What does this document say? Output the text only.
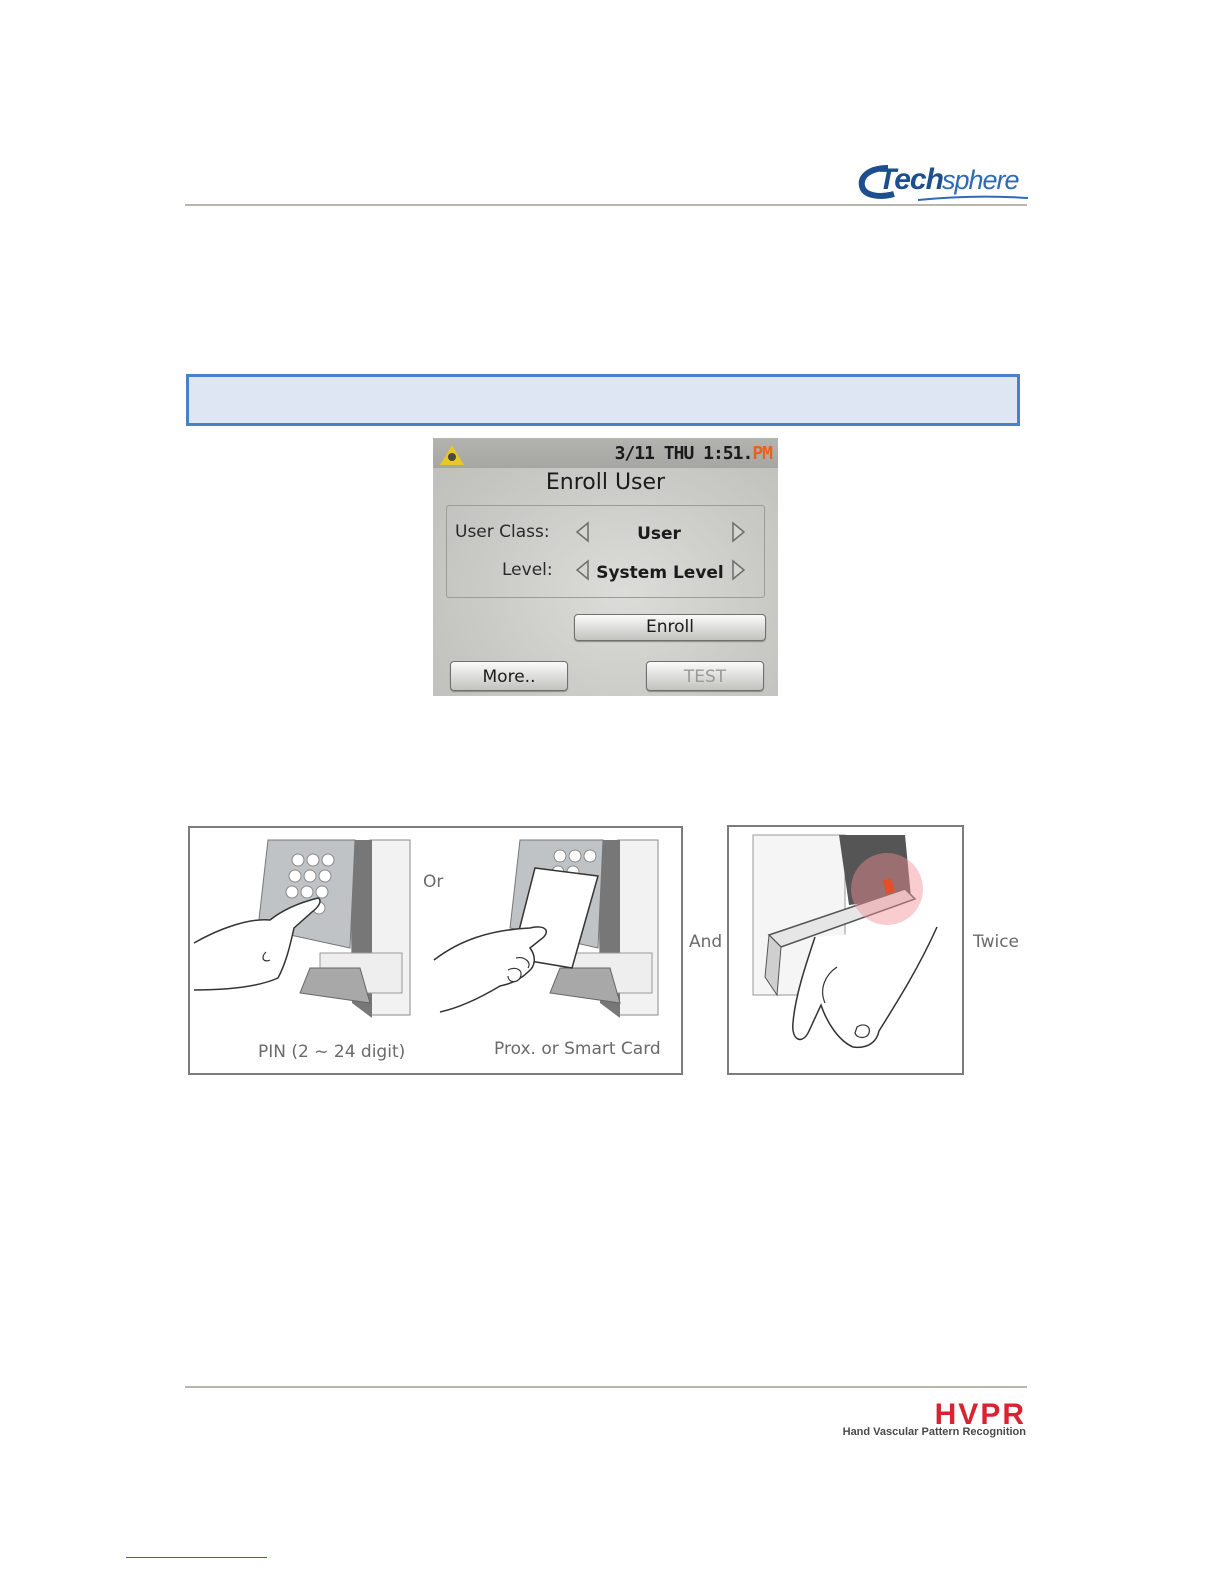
Tech sphere
3/11 THU 1:51.PM
Enroll User
User Class:	User
Level:	System Level
Enroll
More..	TEST
Or
PIN (2 ~ 24 digit)	Prox. or Smart Card
And	Twice
HVPR
Hand Vascular Pattern Recognition
